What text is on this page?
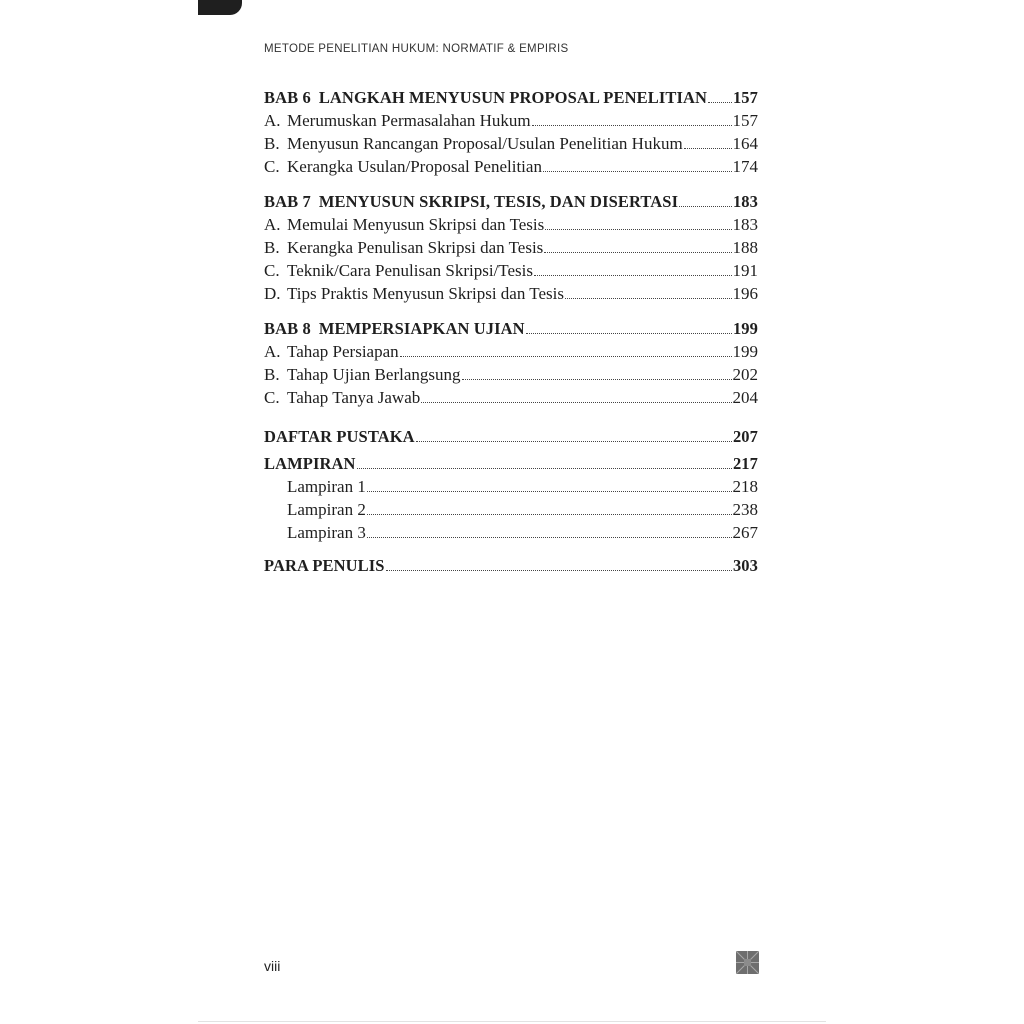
METODE PENELITIAN HUKUM: NORMATIF & EMPIRIS
BAB 6 LANGKAH MENYUSUN PROPOSAL PENELITIAN 157
A. Merumuskan Permasalahan Hukum	157
B. Menyusun Rancangan Proposal/Usulan Penelitian Hukum	164
C. Kerangka Usulan/Proposal Penelitian	174
BAB 7 MENYUSUN SKRIPSI, TESIS, DAN DISERTASI	183
A. Memulai Menyusun Skripsi dan Tesis	183
B. Kerangka Penulisan Skripsi dan Tesis	188
C. Teknik/Cara Penulisan Skripsi/Tesis	191
D. Tips Praktis Menyusun Skripsi dan Tesis	196
BAB 8 MEMPERSIAPKAN UJIAN	199
A. Tahap Persiapan	199
B. Tahap Ujian Berlangsung	202
C. Tahap Tanya Jawab	204
DAFTAR PUSTAKA	207
LAMPIRAN	217
Lampiran 1	218
Lampiran 2	238
Lampiran 3	267
PARA PENULIS	303
viii
